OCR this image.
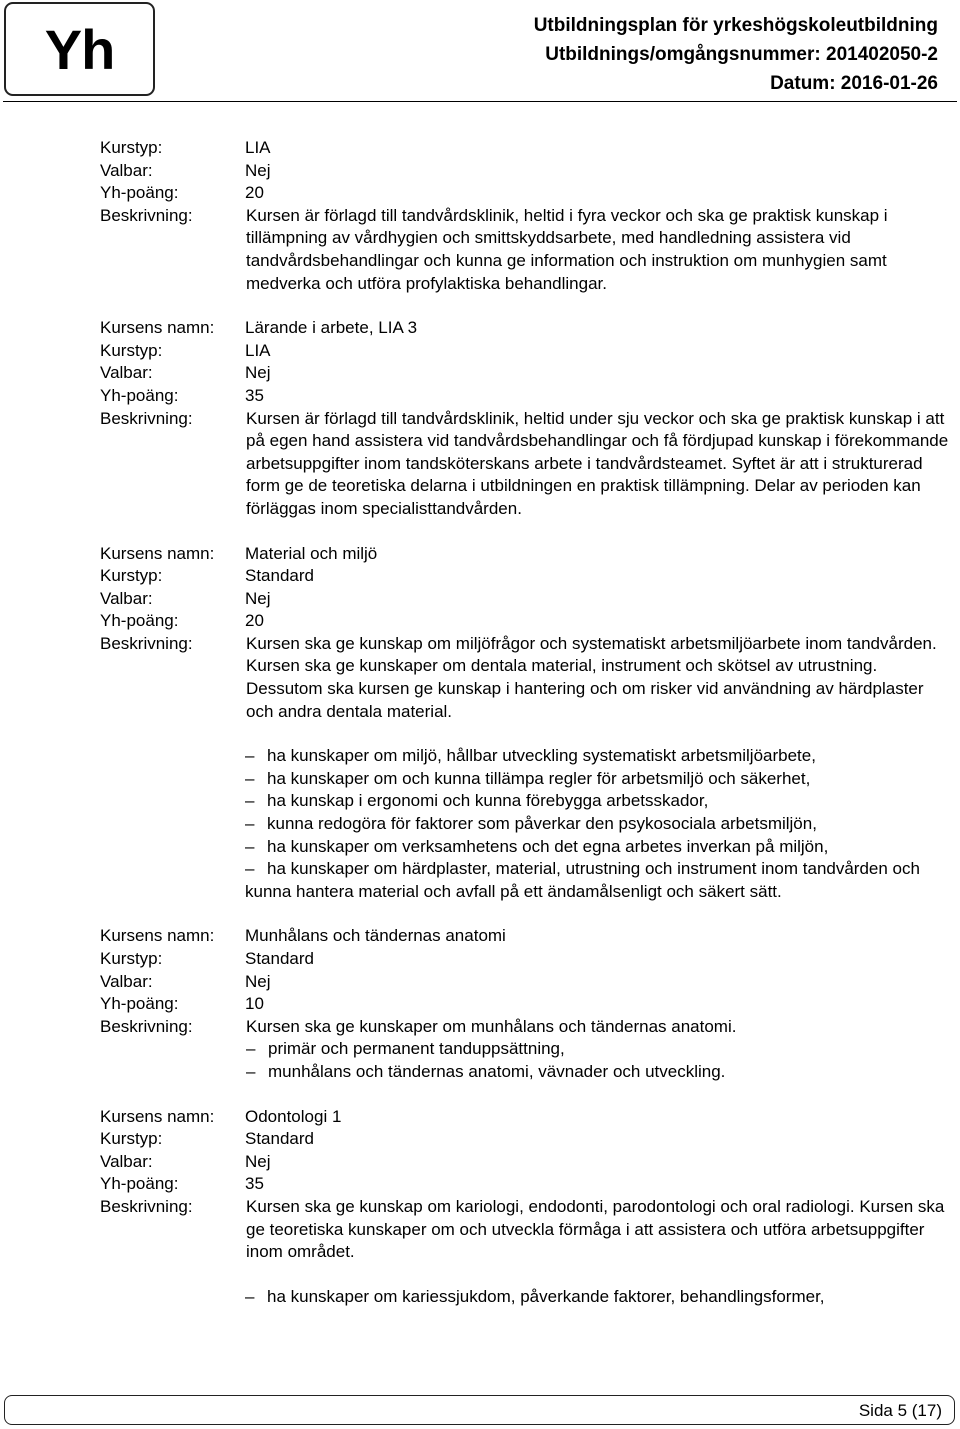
Yh	Utbildningsplan för yrkeshögskoleutbildning
Utbildnings/omgångsnummer: 201402050-2
Datum: 2016-01-26
Kurstyp:	LIA
Valbar:	Nej
Yh-poäng:	20
Beskrivning:	Kursen är förlagd till tandvårdsklinik, heltid i fyra veckor och ska ge praktisk kunskap i tillämpning av vårdhygien och smittskyddsarbete, med handledning assistera vid tandvårdsbehandlingar och kunna ge information och instruktion om munhygien samt medverka och utföra profylaktiska behandlingar.

Kursens namn:	Lärande i arbete, LIA 3
Kurstyp:	LIA
Valbar:	Nej
Yh-poäng:	35
Beskrivning:	Kursen är förlagd till tandvårdsklinik, heltid under sju veckor och ska ge praktisk kunskap i att på egen hand assistera vid tandvårdsbehandlingar och få fördjupad kunskap i förekommande arbetsuppgifter inom tandsköterskans arbete i tandvårdsteamet. Syftet är att i strukturerad form ge de teoretiska delarna i utbildningen en praktisk tillämpning. Delar av perioden kan förläggas inom specialisttandvården.

Kursens namn:	Material och miljö
Kurstyp:	Standard
Valbar:	Nej
Yh-poäng:	20
Beskrivning:	Kursen ska ge kunskap om miljöfrågor och systematiskt arbetsmiljöarbete inom tandvården. Kursen ska ge kunskaper om dentala material, instrument och skötsel av utrustning. Dessutom ska kursen ge kunskap i hantering och om risker vid användning av härdplaster och andra dentala material.

– ha kunskaper om miljö, hållbar utveckling systematiskt arbetsmiljöarbete,
– ha kunskaper om och kunna tillämpa regler för arbetsmiljö och säkerhet,
– ha kunskap i ergonomi och kunna förebygga arbetsskador,
– kunna redogöra för faktorer som påverkar den psykosociala arbetsmiljön,
– ha kunskaper om verksamhetens och det egna arbetes inverkan på miljön,
– ha kunskaper om härdplaster, material, utrustning och instrument inom tandvården och kunna hantera material och avfall på ett ändamålsenligt och säkert sätt.
Kursens namn:	Munhålans och tändernas anatomi
Kurstyp:	Standard
Valbar:	Nej
Yh-poäng:	10
Beskrivning:	Kursen ska ge kunskaper om munhålans och tändernas anatomi.

– primär och permanent tanduppsättning,
– munhålans och tändernas anatomi, vävnader och utveckling.
Kursens namn:	Odontologi 1
Kurstyp:	Standard
Valbar:	Nej
Yh-poäng:	35
Beskrivning:	Kursen ska ge kunskap om kariologi, endodonti, parodontologi och oral radiologi. Kursen ska ge teoretiska kunskaper om och utveckla förmåga i att assistera och utföra arbetsuppgifter inom området.

– ha kunskaper om kariessjukdom, påverkande faktorer, behandlingsformer,
Sida 5 (17)
